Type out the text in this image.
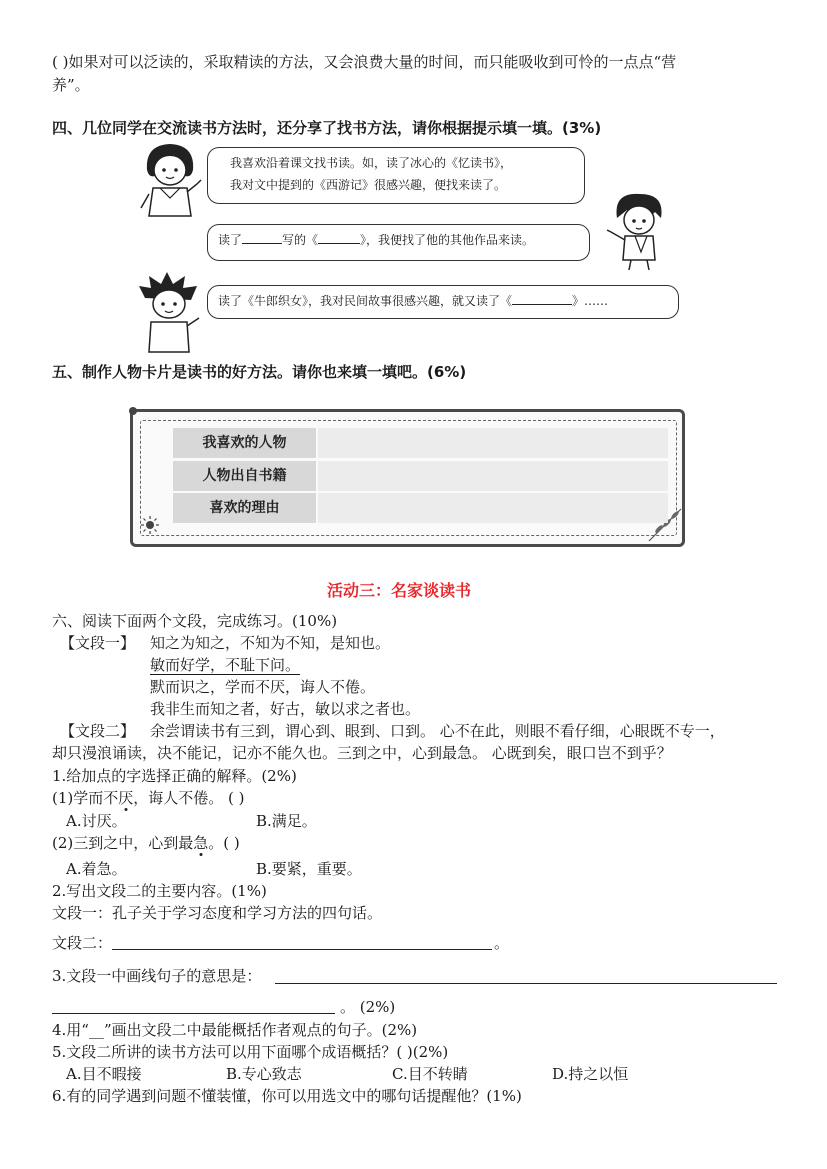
( )如果对可以泛读的，采取精读的方法，又会浪费大量的时间，而只能吸收到可怜的一点点“营
养”。
四、几位同学在交流读书方法时，还分享了找书方法，请你根据提示填一填。(3%)
我喜欢沿着课文找书读。如，读了冰心的《忆读书》，
我对文中提到的《西游记》很感兴趣，便找来读了。
读了	写的《	》，我便找了他的其他作品来读。
读了《牛郎织女》，我对民间故事很感兴趣，就又读了《	》……
五、制作人物卡片是读书的好方法。请你也来填一填吧。(6%)
我喜欢的人物
人物出自书籍
喜欢的理由
活动三：名家谈读书
六、阅读下面两个文段，完成练习。(10%)
【文段一】 知之为知之，不知为不知，是知也。
敏而好学，不耻下问。
默而识之，学而不厌，诲人不倦。
我非生而知之者，好古，敏以求之者也。
【文段二】 余尝谓读书有三到，谓心到、眼到、口到。 心不在此，则眼不看仔细，心眼既不专一，
却只漫浪诵读，决不能记，记亦不能久也。三到之中，心到最急。 心既到矣，眼口岂不到乎？
1.给加点的字选择正确的解释。(2%)
(1)学而不厌，诲人不倦。 ( )
A.讨厌。	B.满足。
(2)三到之中，心到最急。( )
A.着急。	B.要紧，重要。
2.写出文段二的主要内容。(1%)
文段一：孔子关于学习态度和学习方法的四句话。
文段二：	。
3.文段一中画线句子的意思是：
。 (2%)
4.用“__”画出文段二中最能概括作者观点的句子。(2%)
5.文段二所讲的读书方法可以用下面哪个成语概括？( )(2%)
A.目不暇接	B.专心致志	C.目不转睛	D.持之以恒
6.有的同学遇到问题不懂装懂，你可以用选文中的哪句话提醒他？(1%)
